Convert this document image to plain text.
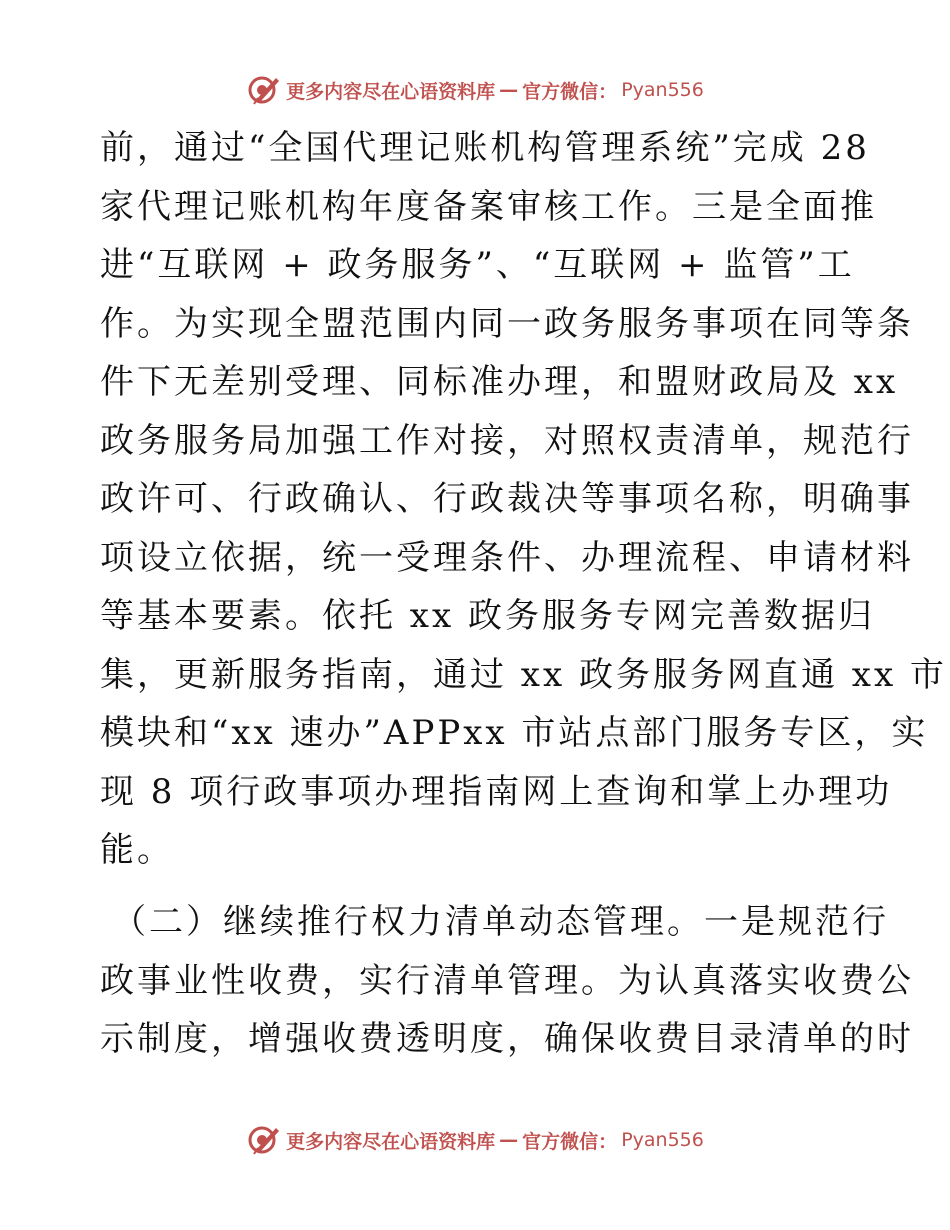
更多内容尽在心语资料库 — 官方微信： Pyan556
前，通过“全国代理记账机构管理系统”完成 28
家代理记账机构年度备案审核工作。三是全面推
进“互联网 + 政务服务”、“互联网 + 监管”工
作。为实现全盟范围内同一政务服务事项在同等条
件下无差别受理、同标准办理，和盟财政局及 xx
政务服务局加强工作对接，对照权责清单，规范行
政许可、行政确认、行政裁决等事项名称，明确事
项设立依据，统一受理条件、办理流程、申请材料
等基本要素。依托 xx 政务服务专网完善数据归
集，更新服务指南，通过 xx 政务服务网直通 xx 市
模块和“xx 速办”APPxx 市站点部门服务专区，实
现 8 项行政事项办理指南网上查询和掌上办理功
能。
（二）继续推行权力清单动态管理。一是规范行
政事业性收费，实行清单管理。为认真落实收费公
示制度，增强收费透明度，确保收费目录清单的时
更多内容尽在心语资料库 — 官方微信： Pyan556
